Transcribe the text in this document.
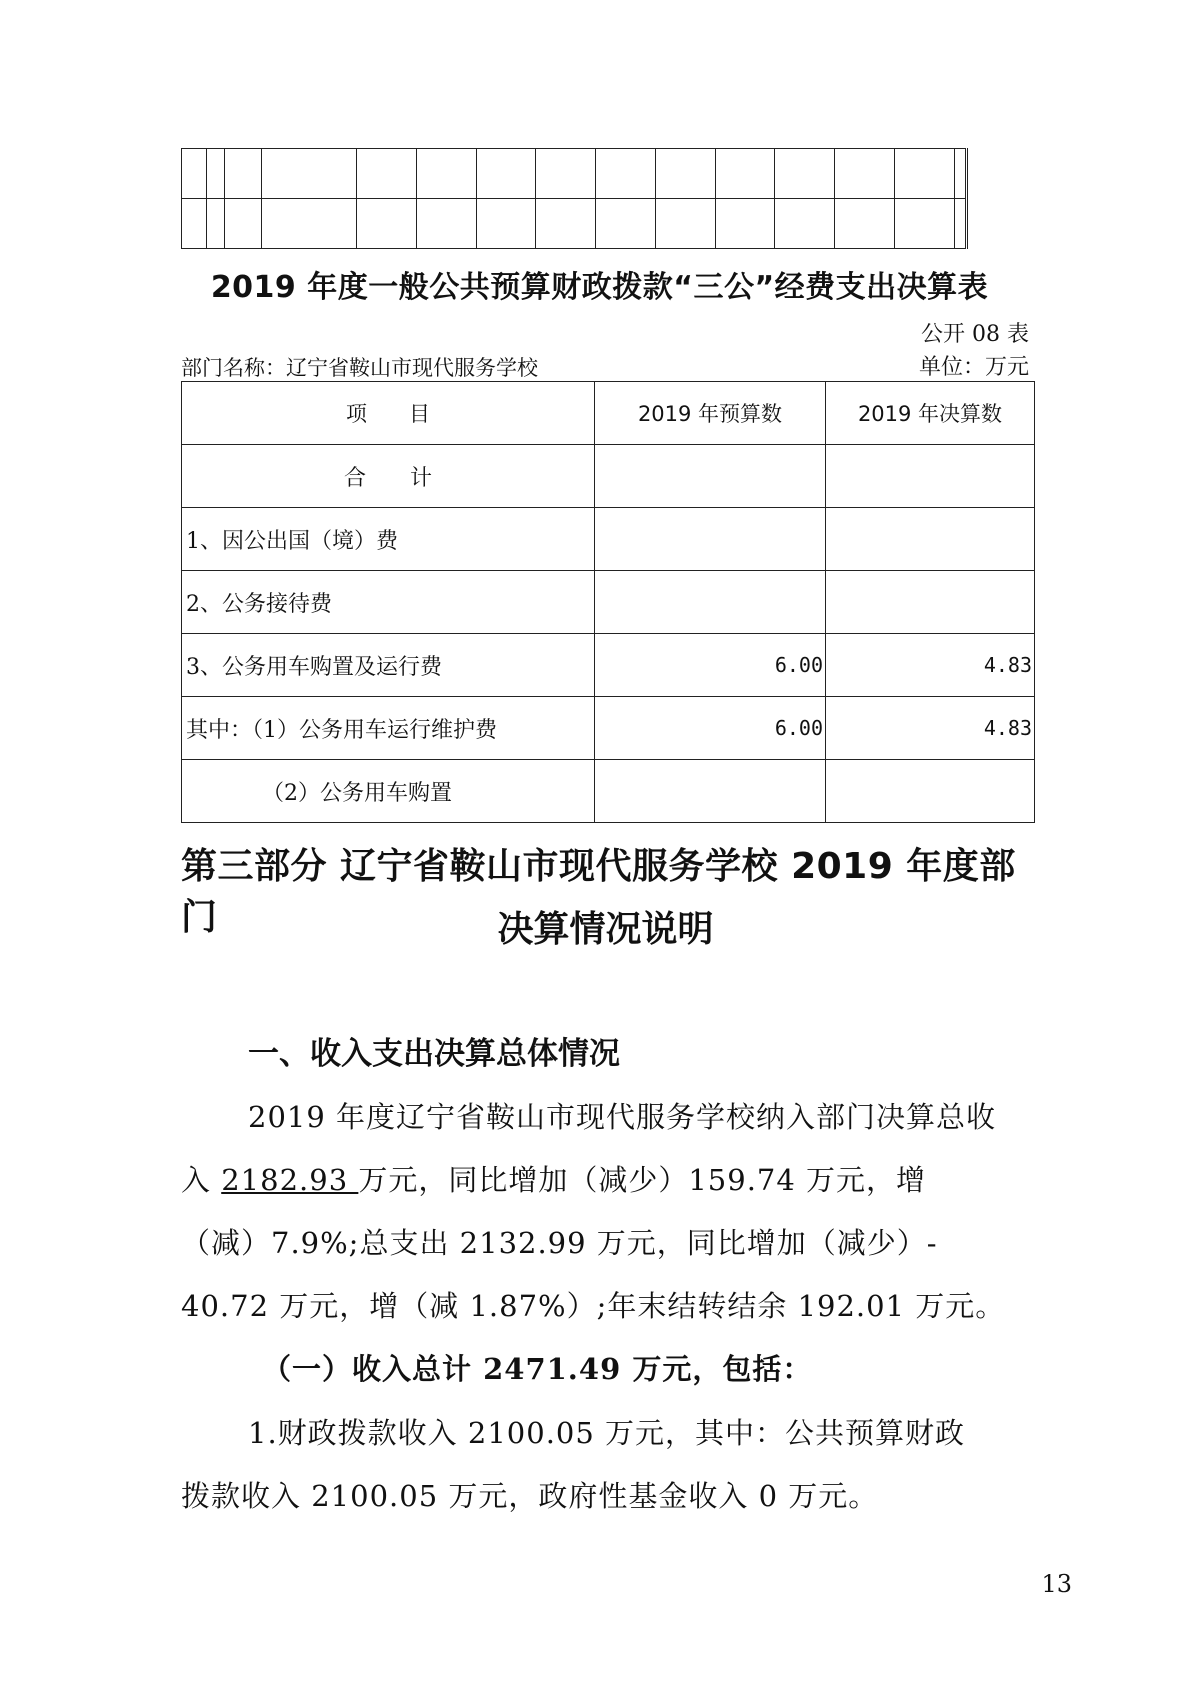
2019 年度一般公共预算财政拨款“三公”经费支出决算表
公开 08 表
部门名称：辽宁省鞍山市现代服务学校	单位：万元
项　　目	2019 年预算数	2019 年决算数
合　　计		
1、因公出国（境）费		
2、公务接待费		
3、公务用车购置及运行费	6.00	4.83
其中：（1）公务用车运行维护费	6.00	4.83
（2）公务用车购置		
第三部分 辽宁省鞍山市现代服务学校 2019 年度部门	决算情况说明
一、收入支出决算总体情况
2019 年度辽宁省鞍山市现代服务学校纳入部门决算总收
入 2182.93 万元，同比增加（减少）159.74 万元，增
（减）7.9%;总支出 2132.99 万元，同比增加（减少）-
40.72 万元，增（减 1.87%）;年末结转结余 192.01 万元。
（一）收入总计 2471.49 万元，包括：
1.财政拨款收入 2100.05 万元，其中：公共预算财政
拨款收入 2100.05 万元，政府性基金收入 0 万元。
13
